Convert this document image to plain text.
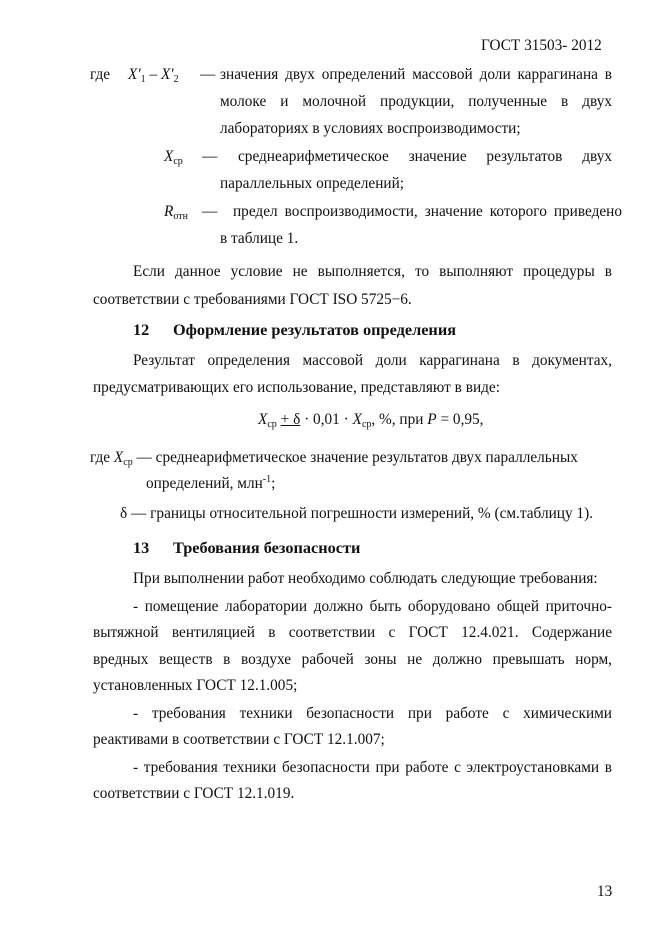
ГОСТ 31503- 2012
где $X'_1 - X'_2$ — значения двух определений массовой доли каррагинана в
молоке и молочной продукции, полученные в двух
лабораториях в условиях воспроизводимости;
$X_{ср}$ — среднеарифметическое значение результатов двух
параллельных определений;
$R_{отн}$ — предел воспроизводимости, значение которого приведено
в таблице 1.
Если данное условие не выполняется, то выполняют процедуры в
соответствии с требованиями ГОСТ ISO 5725−6.
12 Оформление результатов определения
Результат определения массовой доли каррагинана в документах,
предусматривающих его использование, представляют в виде:
$X_{ср} + \delta \cdot 0,01 \cdot X_{ср}$, %, при P = 0,95,
где $X_{ср}$ — среднеарифметическое значение результатов двух параллельных
определений, млн$^{-1}$;
δ — границы относительной погрешности измерений, % (см.таблицу 1).
13 Требования безопасности
При выполнении работ необходимо соблюдать следующие требования:
- помещение лаборатории должно быть оборудовано общей приточно-
вытяжной вентиляцией в соответствии с ГОСТ 12.4.021. Содержание
вредных веществ в воздухе рабочей зоны не должно превышать норм,
установленных ГОСТ 12.1.005;
- требования техники безопасности при работе с химическими
реактивами в соответствии с ГОСТ 12.1.007;
- требования техники безопасности при работе с электроустановками в
соответствии с ГОСТ 12.1.019.
13
